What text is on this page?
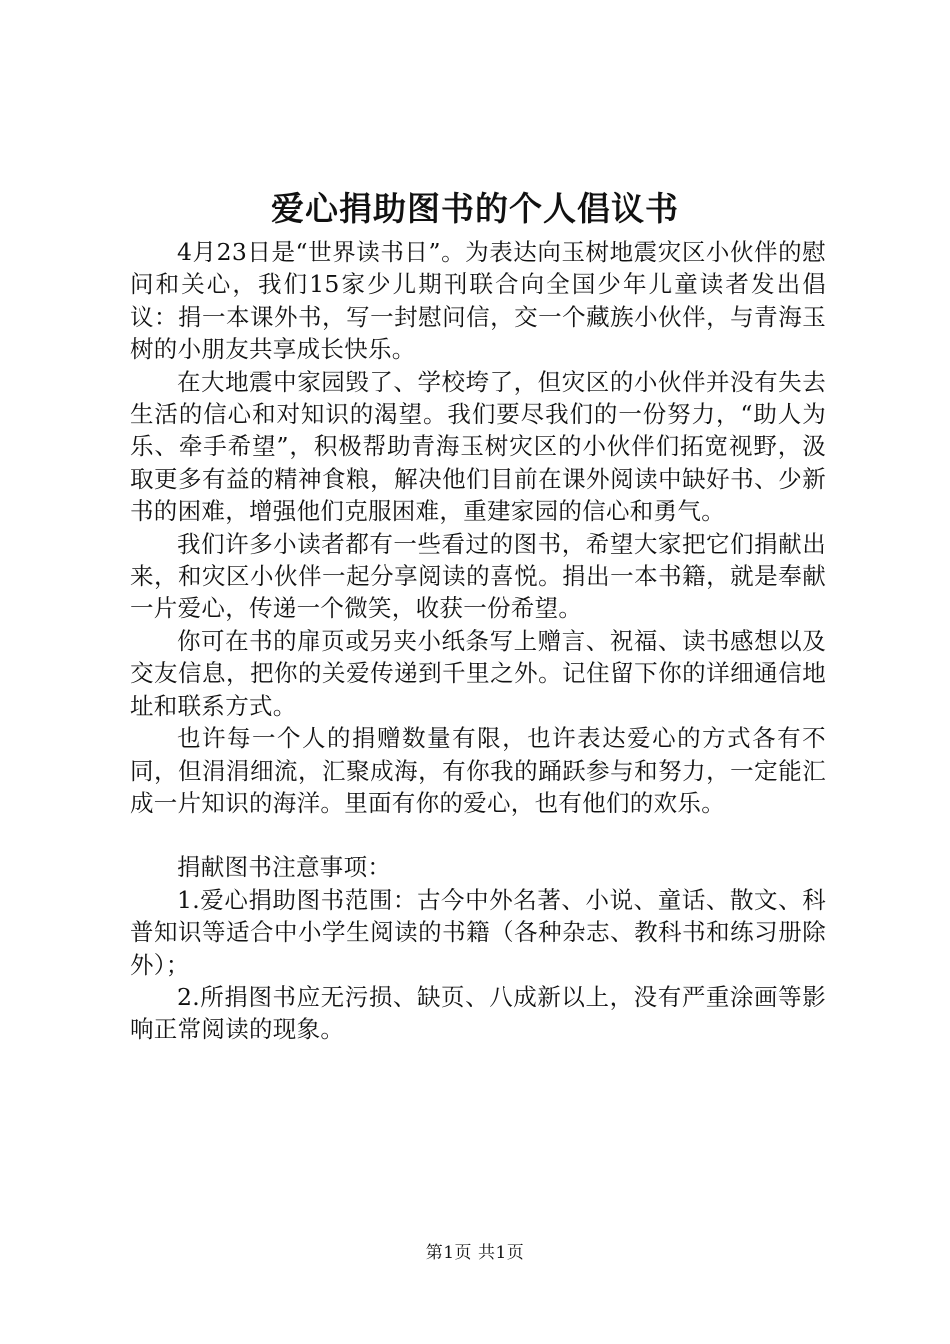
爱心捐助图书的个人倡议书

4月23日是“世界读书日”。为表达向玉树地震灾区小伙伴的慰问和关心，我们15家少儿期刊联合向全国少年儿童读者发出倡议：捐一本课外书，写一封慰问信，交一个藏族小伙伴，与青海玉树的小朋友共享成长快乐。

在大地震中家园毁了、学校垮了，但灾区的小伙伴并没有失去生活的信心和对知识的渴望。我们要尽我们的一份努力，“助人为乐、牵手希望”，积极帮助青海玉树灾区的小伙伴们拓宽视野，汲取更多有益的精神食粮，解决他们目前在课外阅读中缺好书、少新书的困难，增强他们克服困难，重建家园的信心和勇气。

我们许多小读者都有一些看过的图书，希望大家把它们捐献出来，和灾区小伙伴一起分享阅读的喜悦。捐出一本书籍，就是奉献一片爱心，传递一个微笑，收获一份希望。

你可在书的扉页或另夹小纸条写上赠言、祝福、读书感想以及交友信息，把你的关爱传递到千里之外。记住留下你的详细通信地址和联系方式。

也许每一个人的捐赠数量有限，也许表达爱心的方式各有不同，但涓涓细流，汇聚成海，有你我的踊跃参与和努力，一定能汇成一片知识的海洋。里面有你的爱心，也有他们的欢乐。

捐献图书注意事项：

1.爱心捐助图书范围：古今中外名著、小说、童话、散文、科普知识等适合中小学生阅读的书籍（各种杂志、教科书和练习册除外）；

2.所捐图书应无污损、缺页、八成新以上，没有严重涂画等影响正常阅读的现象。

第1页 共1页
